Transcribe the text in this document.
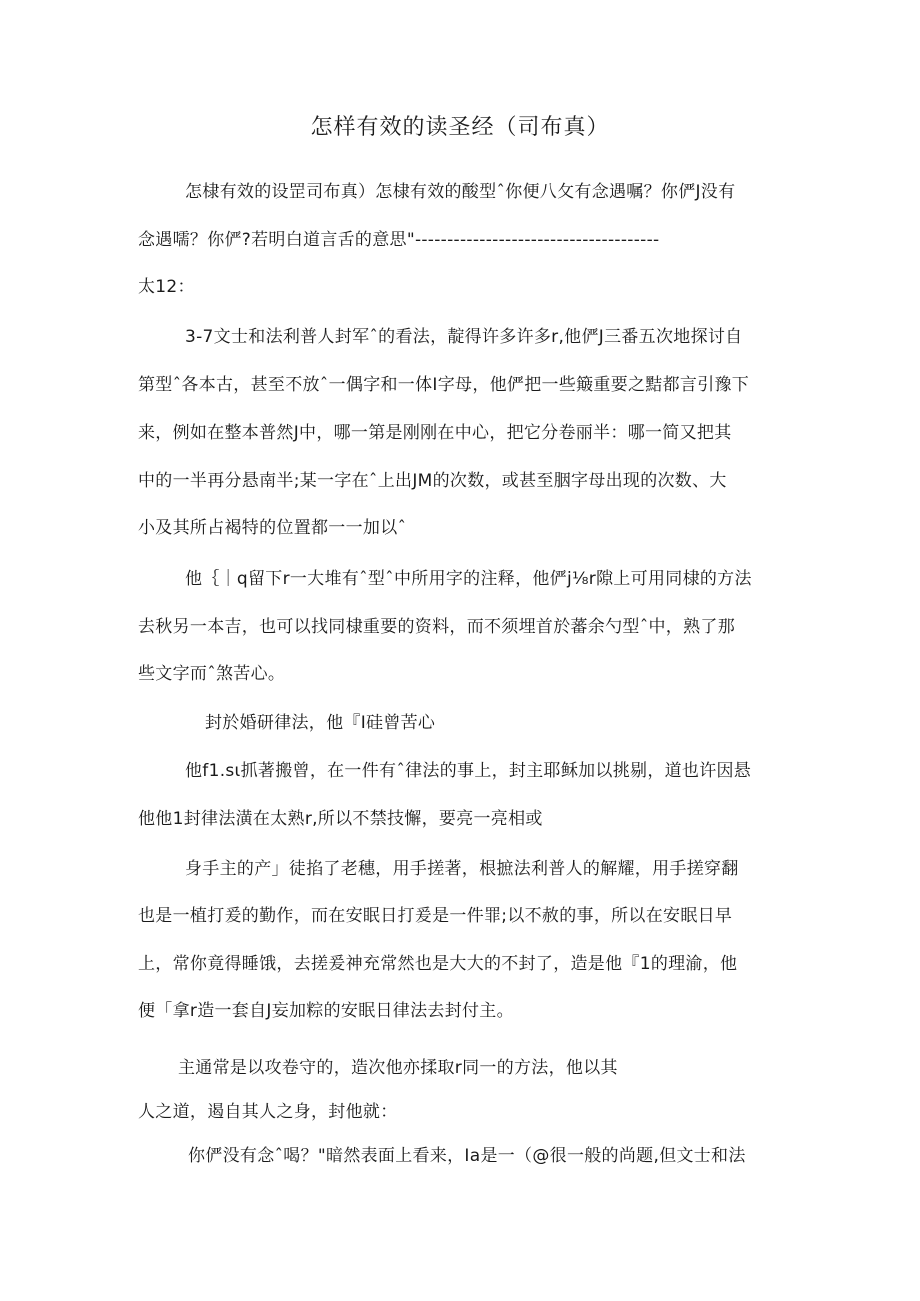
怎样有效的读圣经（司布真）

怎棣有效的设罡司布真）怎棣有效的酸型ˆ你便八攵有念遇嘱？你俨J没有

念遇嚅？你俨?若明白道言舌的意思"--------------------------------------

太12：

3-7文士和法利普人封军ˆ的看法，靛得许多许多r,他俨J三番五次地探讨自

第型ˆ各本古，甚至不放ˆ一偶字和一体I字母，他俨把一些簸重要之黠都言引豫下

来，例如在整本普然J中，哪一第是刚刚在中心，把它分卷丽半：哪一简又把其

中的一半再分悬南半;某一字在ˆ上出JM的次数，或甚至胭字母出现的次数、大

小及其所占褐特的位置都一一加以ˆ

他｛｜q留下r一大堆有ˆ型ˆ中所用字的注释，他俨j⅛r隙上可用同棣的方法

去秋另一本吉，也可以找同棣重要的资料，而不须埋首於蕃余勺型ˆ中，熟了那

些文字而ˆ煞苦心。

封於婚研律法，他『I硅曾苦心

他f1.sι抓著搬曾，在一件有ˆ律法的事上，封主耶稣加以挑剔，道也许因悬

他他1封律法潢在太熟r,所以不禁技懈，要亮一亮相或

身手主的产」徒掐了老穗，用手搓著，根摭法利普人的解耀，用手搓穿翻

也是一植打爰的勤作，而在安眠日打爰是一件罪;以不赦的事，所以在安眠日早

上，常你竟得睡饿，去搓爰神充常然也是大大的不封了，造是他『1的理渝，他

便「拿r造一套自J妄加粽的安眠日律法去封付主。

主通常是以攻卷守的，造次他亦揉取r同一的方法，他以其

人之道，遏自其人之身，封他就：

你俨没有念ˆ喝？"暗然表面上看来，Ia是一（@很一般的尚题,但文士和法
